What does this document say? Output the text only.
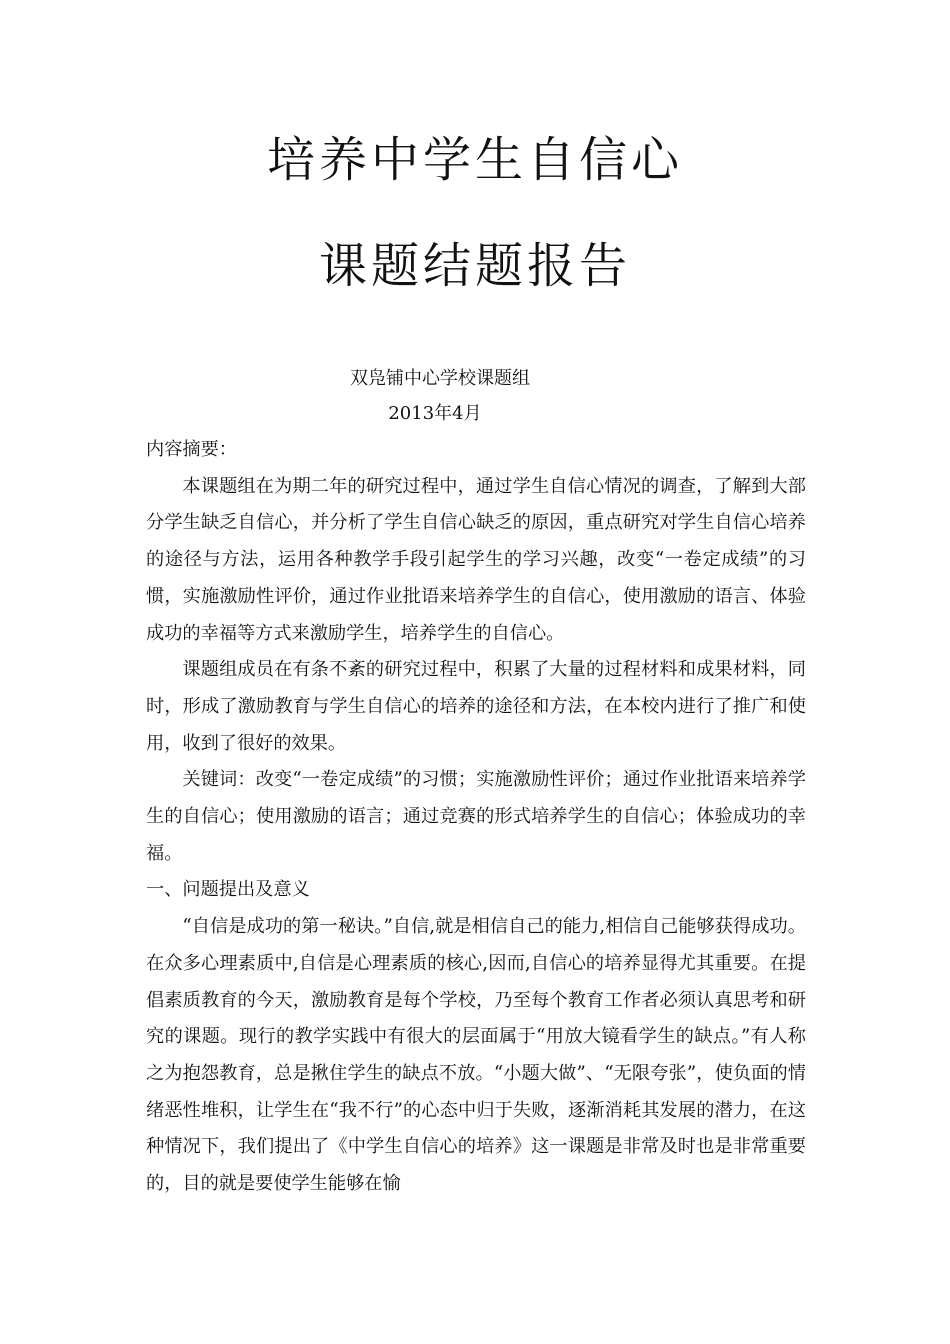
培养中学生自信心
课题结题报告
双凫铺中心学校课题组
2013年4月

内容摘要：

本课题组在为期二年的研究过程中，通过学生自信心情况的调查，了解到大部分学生缺乏自信心，并分析了学生自信心缺乏的原因，重点研究对学生自信心培养的途径与方法，运用各种教学手段引起学生的学习兴趣，改变“一卷定成绩”的习惯，实施激励性评价，通过作业批语来培养学生的自信心，使用激励的语言、体验成功的幸福等方式来激励学生，培养学生的自信心。

课题组成员在有条不紊的研究过程中，积累了大量的过程材料和成果材料，同时，形成了激励教育与学生自信心的培养的途径和方法，在本校内进行了推广和使用，收到了很好的效果。

关键词：改变“一卷定成绩”的习惯；实施激励性评价；通过作业批语来培养学生的自信心；使用激励的语言；通过竞赛的形式培养学生的自信心；体验成功的幸福。

一、问题提出及意义

“自信是成功的第一秘诀。”自信,就是相信自己的能力,相信自己能够获得成功。在众多心理素质中,自信是心理素质的核心,因而,自信心的培养显得尤其重要。在提倡素质教育的今天，激励教育是每个学校，乃至每个教育工作者必须认真思考和研究的课题。现行的教学实践中有很大的层面属于“用放大镜看学生的缺点。”有人称之为抱怨教育，总是揪住学生的缺点不放。“小题大做”、“无限夸张”，使负面的情绪恶性堆积，让学生在“我不行”的心态中归于失败，逐渐消耗其发展的潜力，在这种情况下，我们提出了《中学生自信心的培养》这一课题是非常及时也是非常重要的，目的就是要使学生能够在愉
